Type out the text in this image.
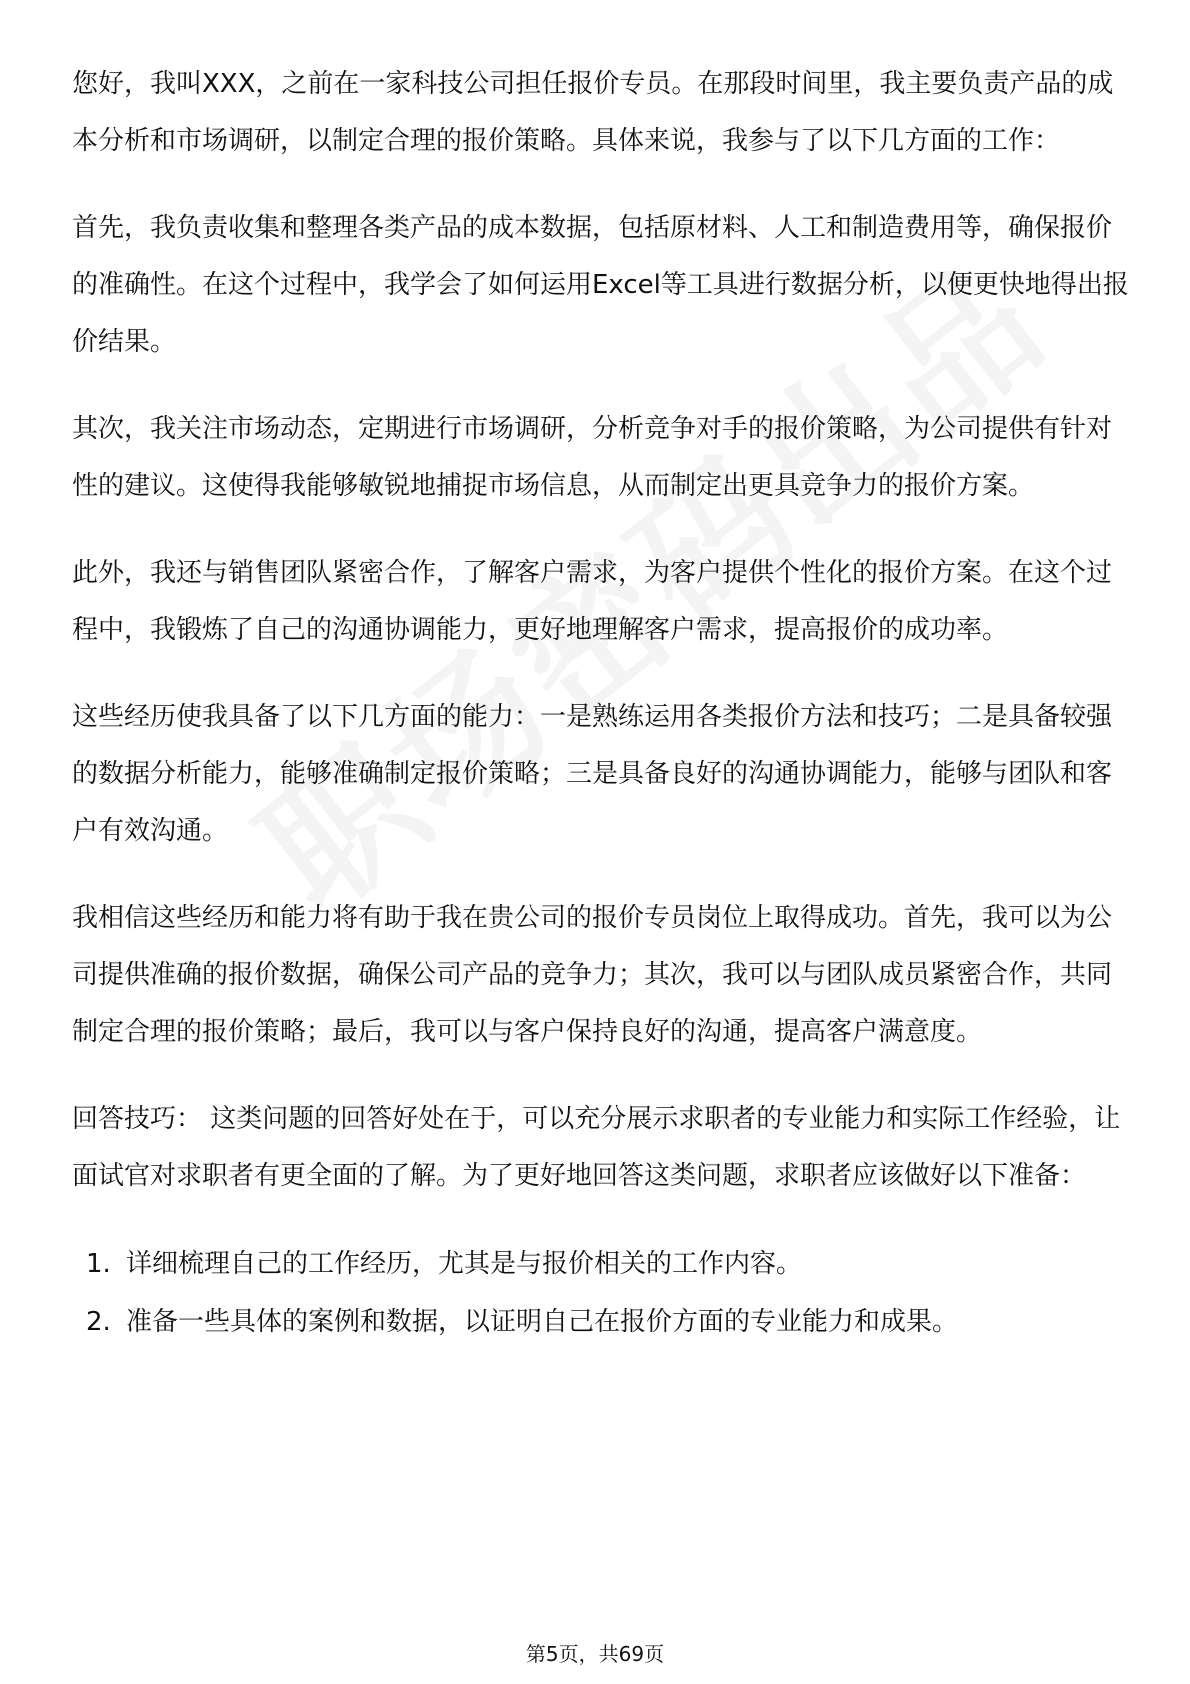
您好，我叫XXX，之前在一家科技公司担任报价专员。在那段时间里，我主要负责产品的成本分析和市场调研，以制定合理的报价策略。具体来说，我参与了以下几方面的工作：

首先，我负责收集和整理各类产品的成本数据，包括原材料、人工和制造费用等，确保报价的准确性。在这个过程中，我学会了如何运用Excel等工具进行数据分析，以便更快地得出报价结果。

其次，我关注市场动态，定期进行市场调研，分析竞争对手的报价策略，为公司提供有针对性的建议。这使得我能够敏锐地捕捉市场信息，从而制定出更具竞争力的报价方案。

此外，我还与销售团队紧密合作，了解客户需求，为客户提供个性化的报价方案。在这个过程中，我锻炼了自己的沟通协调能力，更好地理解客户需求，提高报价的成功率。

这些经历使我具备了以下几方面的能力：一是熟练运用各类报价方法和技巧；二是具备较强的数据分析能力，能够准确制定报价策略；三是具备良好的沟通协调能力，能够与团队和客户有效沟通。

我相信这些经历和能力将有助于我在贵公司的报价专员岗位上取得成功。首先，我可以为公司提供准确的报价数据，确保公司产品的竞争力；其次，我可以与团队成员紧密合作，共同制定合理的报价策略；最后，我可以与客户保持良好的沟通，提高客户满意度。

回答技巧： 这类问题的回答好处在于，可以充分展示求职者的专业能力和实际工作经验，让面试官对求职者有更全面的了解。为了更好地回答这类问题，求职者应该做好以下准备：

1. 详细梳理自己的工作经历，尤其是与报价相关的工作内容。
2. 准备一些具体的案例和数据，以证明自己在报价方面的专业能力和成果。
第5页，共69页
